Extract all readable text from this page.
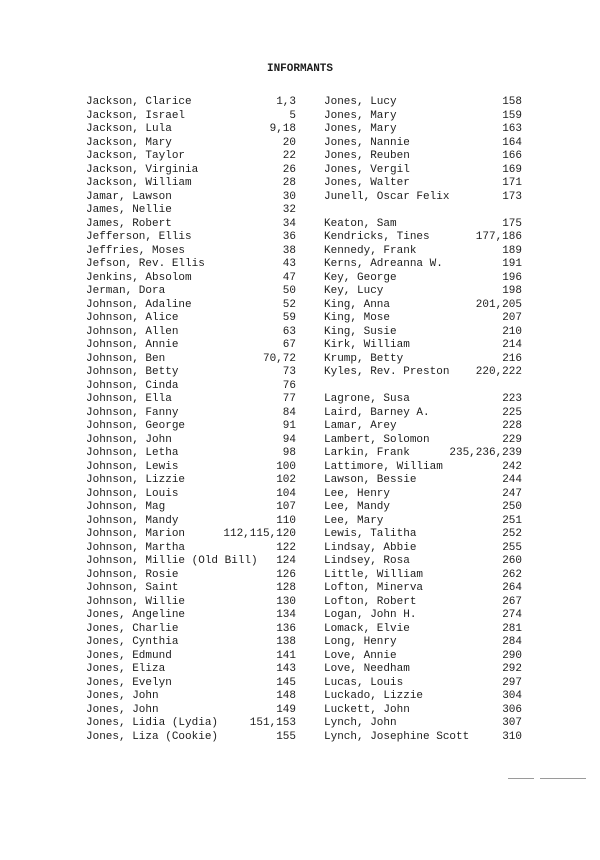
INFORMANTS
Jackson, Clarice	1,3
Jackson, Israel	5
Jackson, Lula	9,18
Jackson, Mary	20
Jackson, Taylor	22
Jackson, Virginia	26
Jackson, William	28
Jamar, Lawson	30
James, Nellie	32
James, Robert	34
Jefferson, Ellis	36
Jeffries, Moses	38
Jefson, Rev. Ellis	43
Jenkins, Absolom	47
Jerman, Dora	50
Johnson, Adaline	52
Johnson, Alice	59
Johnson, Allen	63
Johnson, Annie	67
Johnson, Ben	70,72
Johnson, Betty	73
Johnson, Cinda	76
Johnson, Ella	77
Johnson, Fanny	84
Johnson, George	91
Johnson, John	94
Johnson, Letha	98
Johnson, Lewis	100
Johnson, Lizzie	102
Johnson, Louis	104
Johnson, Mag	107
Johnson, Mandy	110
Johnson, Marion	112,115,120
Johnson, Martha	122
Johnson, Millie (Old Bill) 124
Johnson, Rosie	126
Johnson, Saint	128
Johnson, Willie	130
Jones, Angeline	134
Jones, Charlie	136
Jones, Cynthia	138
Jones, Edmund	141
Jones, Eliza	143
Jones, Evelyn	145
Jones, John	148
Jones, John	149
Jones, Lidia (Lydia)	151,153
Jones, Liza (Cookie)	155
Jones, Lucy	158
Jones, Mary	159
Jones, Mary	163
Jones, Nannie	164
Jones, Reuben	166
Jones, Vergil	169
Jones, Walter	171
Junell, Oscar Felix	173
Keaton, Sam	175
Kendricks, Tines	177,186
Kennedy, Frank	189
Kerns, Adreanna W.	191
Key, George	196
Key, Lucy	198
King, Anna	201,205
King, Mose	207
King, Susie	210
Kirk, William	214
Krump, Betty	216
Kyles, Rev. Preston 220,222
Lagrone, Susa	223
Laird, Barney A.	225
Lamar, Arey	228
Lambert, Solomon	229
Larkin, Frank	235,236,239
Lattimore, William	242
Lawson, Bessie	244
Lee, Henry	247
Lee, Mandy	250
Lee, Mary	251
Lewis, Talitha	252
Lindsay, Abbie	255
Lindsey, Rosa	260
Little, William	262
Lofton, Minerva	264
Lofton, Robert	267
Logan, John H.	274
Lomack, Elvie	281
Long, Henry	284
Love, Annie	290
Love, Needham	292
Lucas, Louis	297
Luckado, Lizzie	304
Luckett, John	306
Lynch, John	307
Lynch, Josephine Scott	310
